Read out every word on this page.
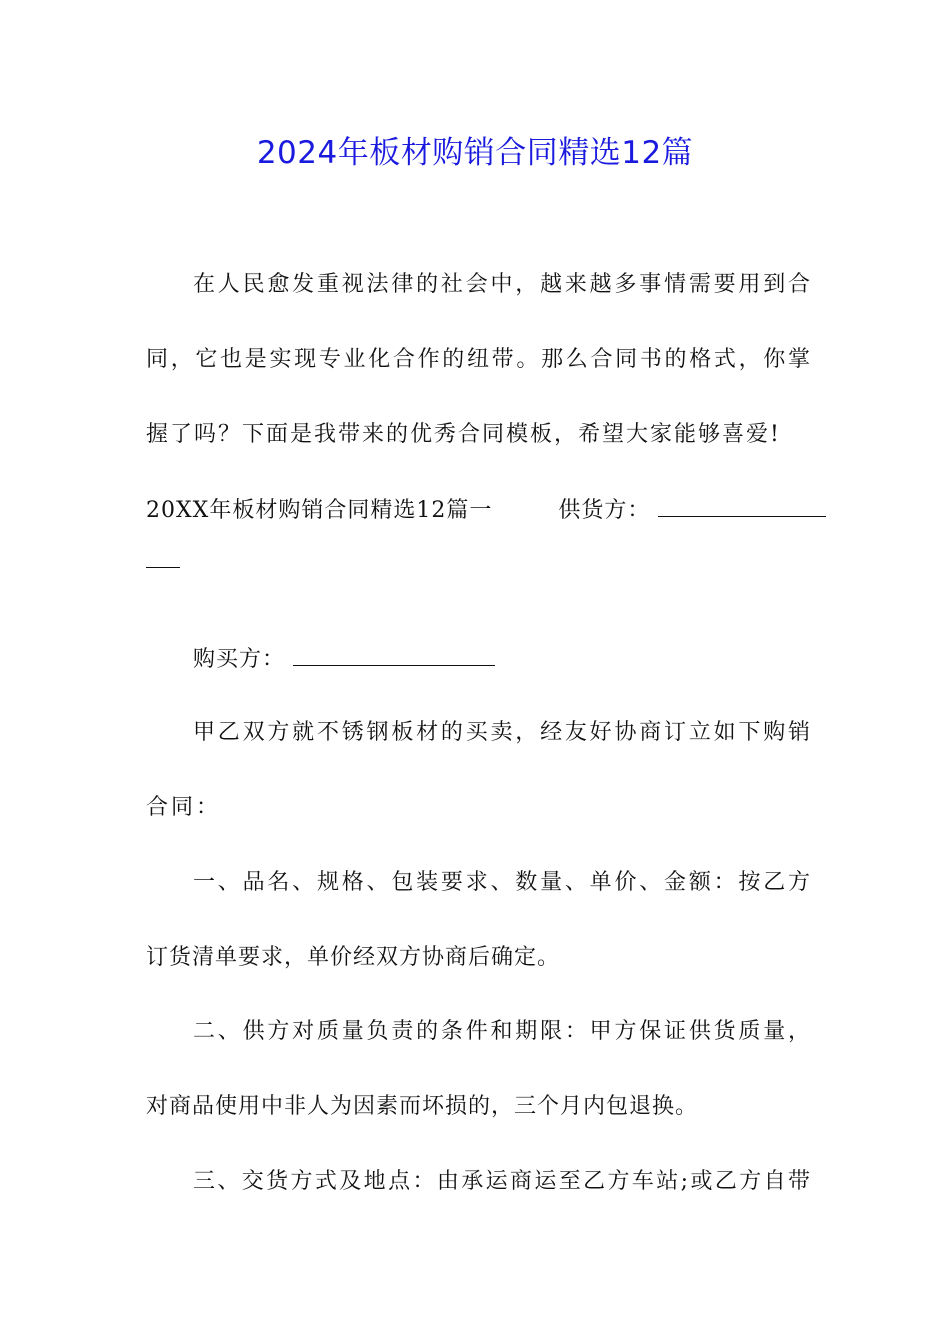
2024年板材购销合同精选12篇
在人民愈发重视法律的社会中，越来越多事情需要用到合
同，它也是实现专业化合作的纽带。那么合同书的格式，你掌
握了吗？下面是我带来的优秀合同模板，希望大家能够喜爱!
20XX年板材购销合同精选12篇一	供货方：
购买方：
甲乙双方就不锈钢板材的买卖，经友好协商订立如下购销
合同：
一、品名、规格、包装要求、数量、单价、金额：按乙方
订货清单要求，单价经双方协商后确定。
二、供方对质量负责的条件和期限：甲方保证供货质量，
对商品使用中非人为因素而坏损的，三个月内包退换。
三、交货方式及地点：由承运商运至乙方车站;或乙方自带
